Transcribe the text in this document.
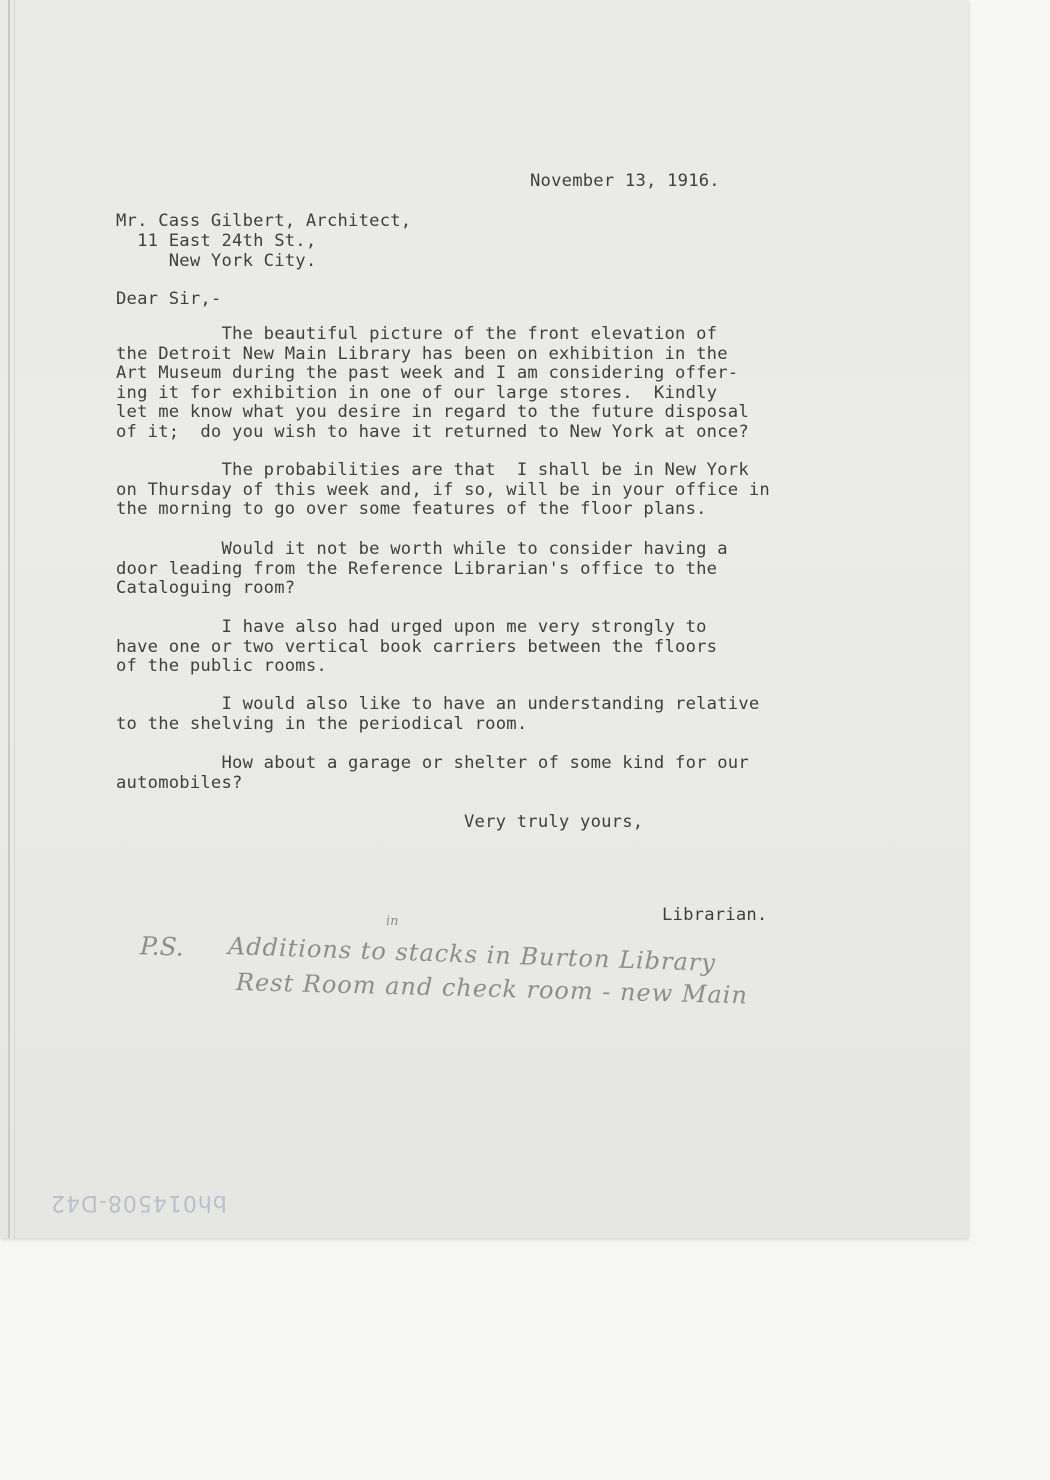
November 13, 1916.
Mr. Cass Gilbert, Architect,
11 East 24th St.,
New York City.
Dear Sir,-
The beautiful picture of the front elevation of
the Detroit New Main Library has been on exhibition in the
Art Museum during the past week and I am considering offer-
ing it for exhibition in one of our large stores.  Kindly
let me know what you desire in regard to the future disposal
of it;  do you wish to have it returned to New York at once?
The probabilities are that  I shall be in New York
on Thursday of this week and, if so, will be in your office in
the morning to go over some features of the floor plans.
Would it not be worth while to consider having a
door leading from the Reference Librarian's office to the
Cataloguing room?
I have also had urged upon me very strongly to
have one or two vertical book carriers between the floors
of the public rooms.
I would also like to have an understanding relative
to the shelving in the periodical room.
How about a garage or shelter of some kind for our
automobiles?
Very truly yours,
Librarian.
P.S. Additions to stacks in Burton Library
in
Rest Room and check room - new Main
bh014508-D42
